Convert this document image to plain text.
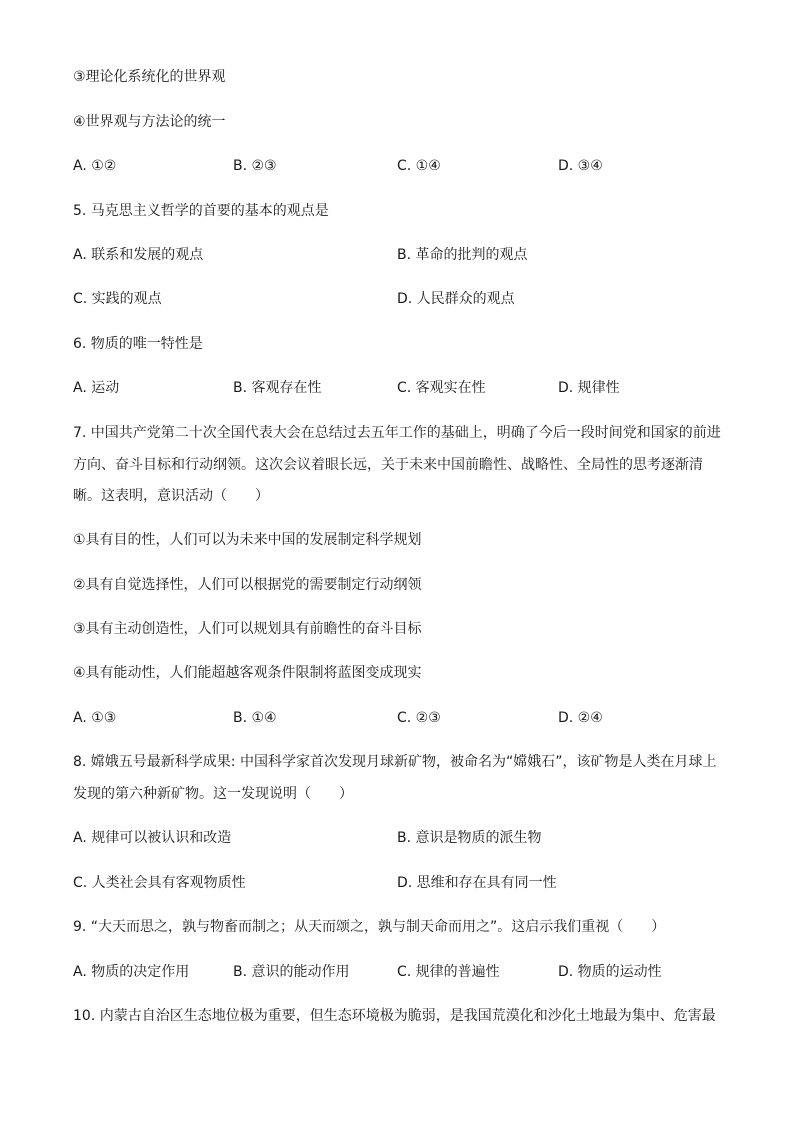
③理论化系统化的世界观
④世界观与方法论的统一
A. ①②	B. ②③	C. ①④	D. ③④
5. 马克思主义哲学的首要的基本的观点是
A. 联系和发展的观点	B. 革命的批判的观点
C. 实践的观点	D. 人民群众的观点
6. 物质的唯一特性是
A. 运动	B. 客观存在性	C. 客观实在性	D. 规律性
7. 中国共产党第二十次全国代表大会在总结过去五年工作的基础上，明确了今后一段时间党和国家的前进
方向、奋斗目标和行动纲领。这次会议着眼长远，关于未来中国前瞻性、战略性、全局性的思考逐渐清
晰。这表明，意识活动（　　）
①具有目的性，人们可以为未来中国的发展制定科学规划
②具有自觉选择性，人们可以根据党的需要制定行动纲领
③具有主动创造性，人们可以规划具有前瞻性的奋斗目标
④具有能动性，人们能超越客观条件限制将蓝图变成现实
A. ①③	B. ①④	C. ②③	D. ②④
8. 嫦娥五号最新科学成果: 中国科学家首次发现月球新矿物，被命名为“嫦娥石”，该矿物是人类在月球上
发现的第六种新矿物。这一发现说明（　　）
A. 规律可以被认识和改造	B. 意识是物质的派生物
C. 人类社会具有客观物质性	D. 思维和存在具有同一性
9. “大天而思之，孰与物畜而制之；从天而颂之，孰与制天命而用之”。这启示我们重视（　　）
A. 物质的决定作用	B. 意识的能动作用	C. 规律的普遍性	D. 物质的运动性
10. 内蒙古自治区生态地位极为重要，但生态环境极为脆弱，是我国荒漠化和沙化土地最为集中、危害最
